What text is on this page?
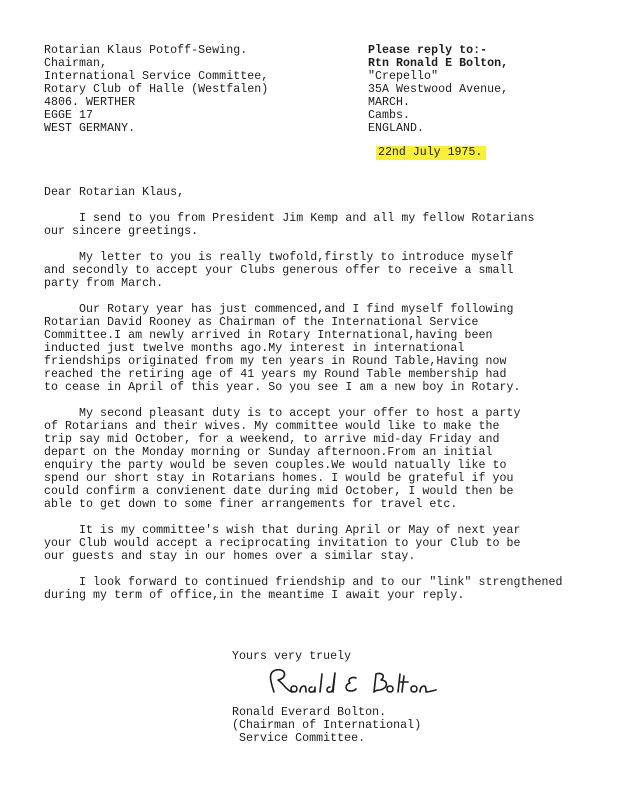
Rotarian Klaus Potoff-Sewing.
Chairman,
International Service Committee,
Rotary Club of Halle (Westfalen)
4806. WERTHER
EGGE 17
WEST GERMANY.
Please reply to:-
Rtn Ronald E Bolton,
"Crepello"
35A Westwood Avenue,
MARCH.
Cambs.
ENGLAND.
22nd July 1975.
Dear Rotarian Klaus,
I send to you from President Jim Kemp and all my fellow Rotarians
our sincere greetings.
My letter to you is really twofold,firstly to introduce myself
and secondly to accept your Clubs generous offer to receive a small
party from March.
Our Rotary year has just commenced,and I find myself following
Rotarian David Rooney as Chairman of the International Service
Committee.I am newly arrived in Rotary International,having been
inducted just twelve months ago.My interest in international
friendships originated from my ten years in Round Table,Having now
reached the retiring age of 41 years my Round Table membership had
to cease in April of this year. So you see I am a new boy in Rotary.
My second pleasant duty is to accept your offer to host a party
of Rotarians and their wives. My committee would like to make the
trip say mid October, for a weekend, to arrive mid-day Friday and
depart on the Monday morning or Sunday afternoon.From an initial
enquiry the party would be seven couples.We would natually like to
spend our short stay in Rotarians homes. I would be grateful if you
could confirm a convienent date during mid October, I would then be
able to get down to some finer arrangements for travel etc.
It is my committee's wish that during April or May of next year
your Club would accept a reciprocating invitation to your Club to be
our guests and stay in our homes over a similar stay.
I look forward to continued friendship and to our "link" strengthened
during my term of office,in the meantime I await your reply.
Yours very truely
Ronald Everard Bolton.
(Chairman of International)
Service Committee.
